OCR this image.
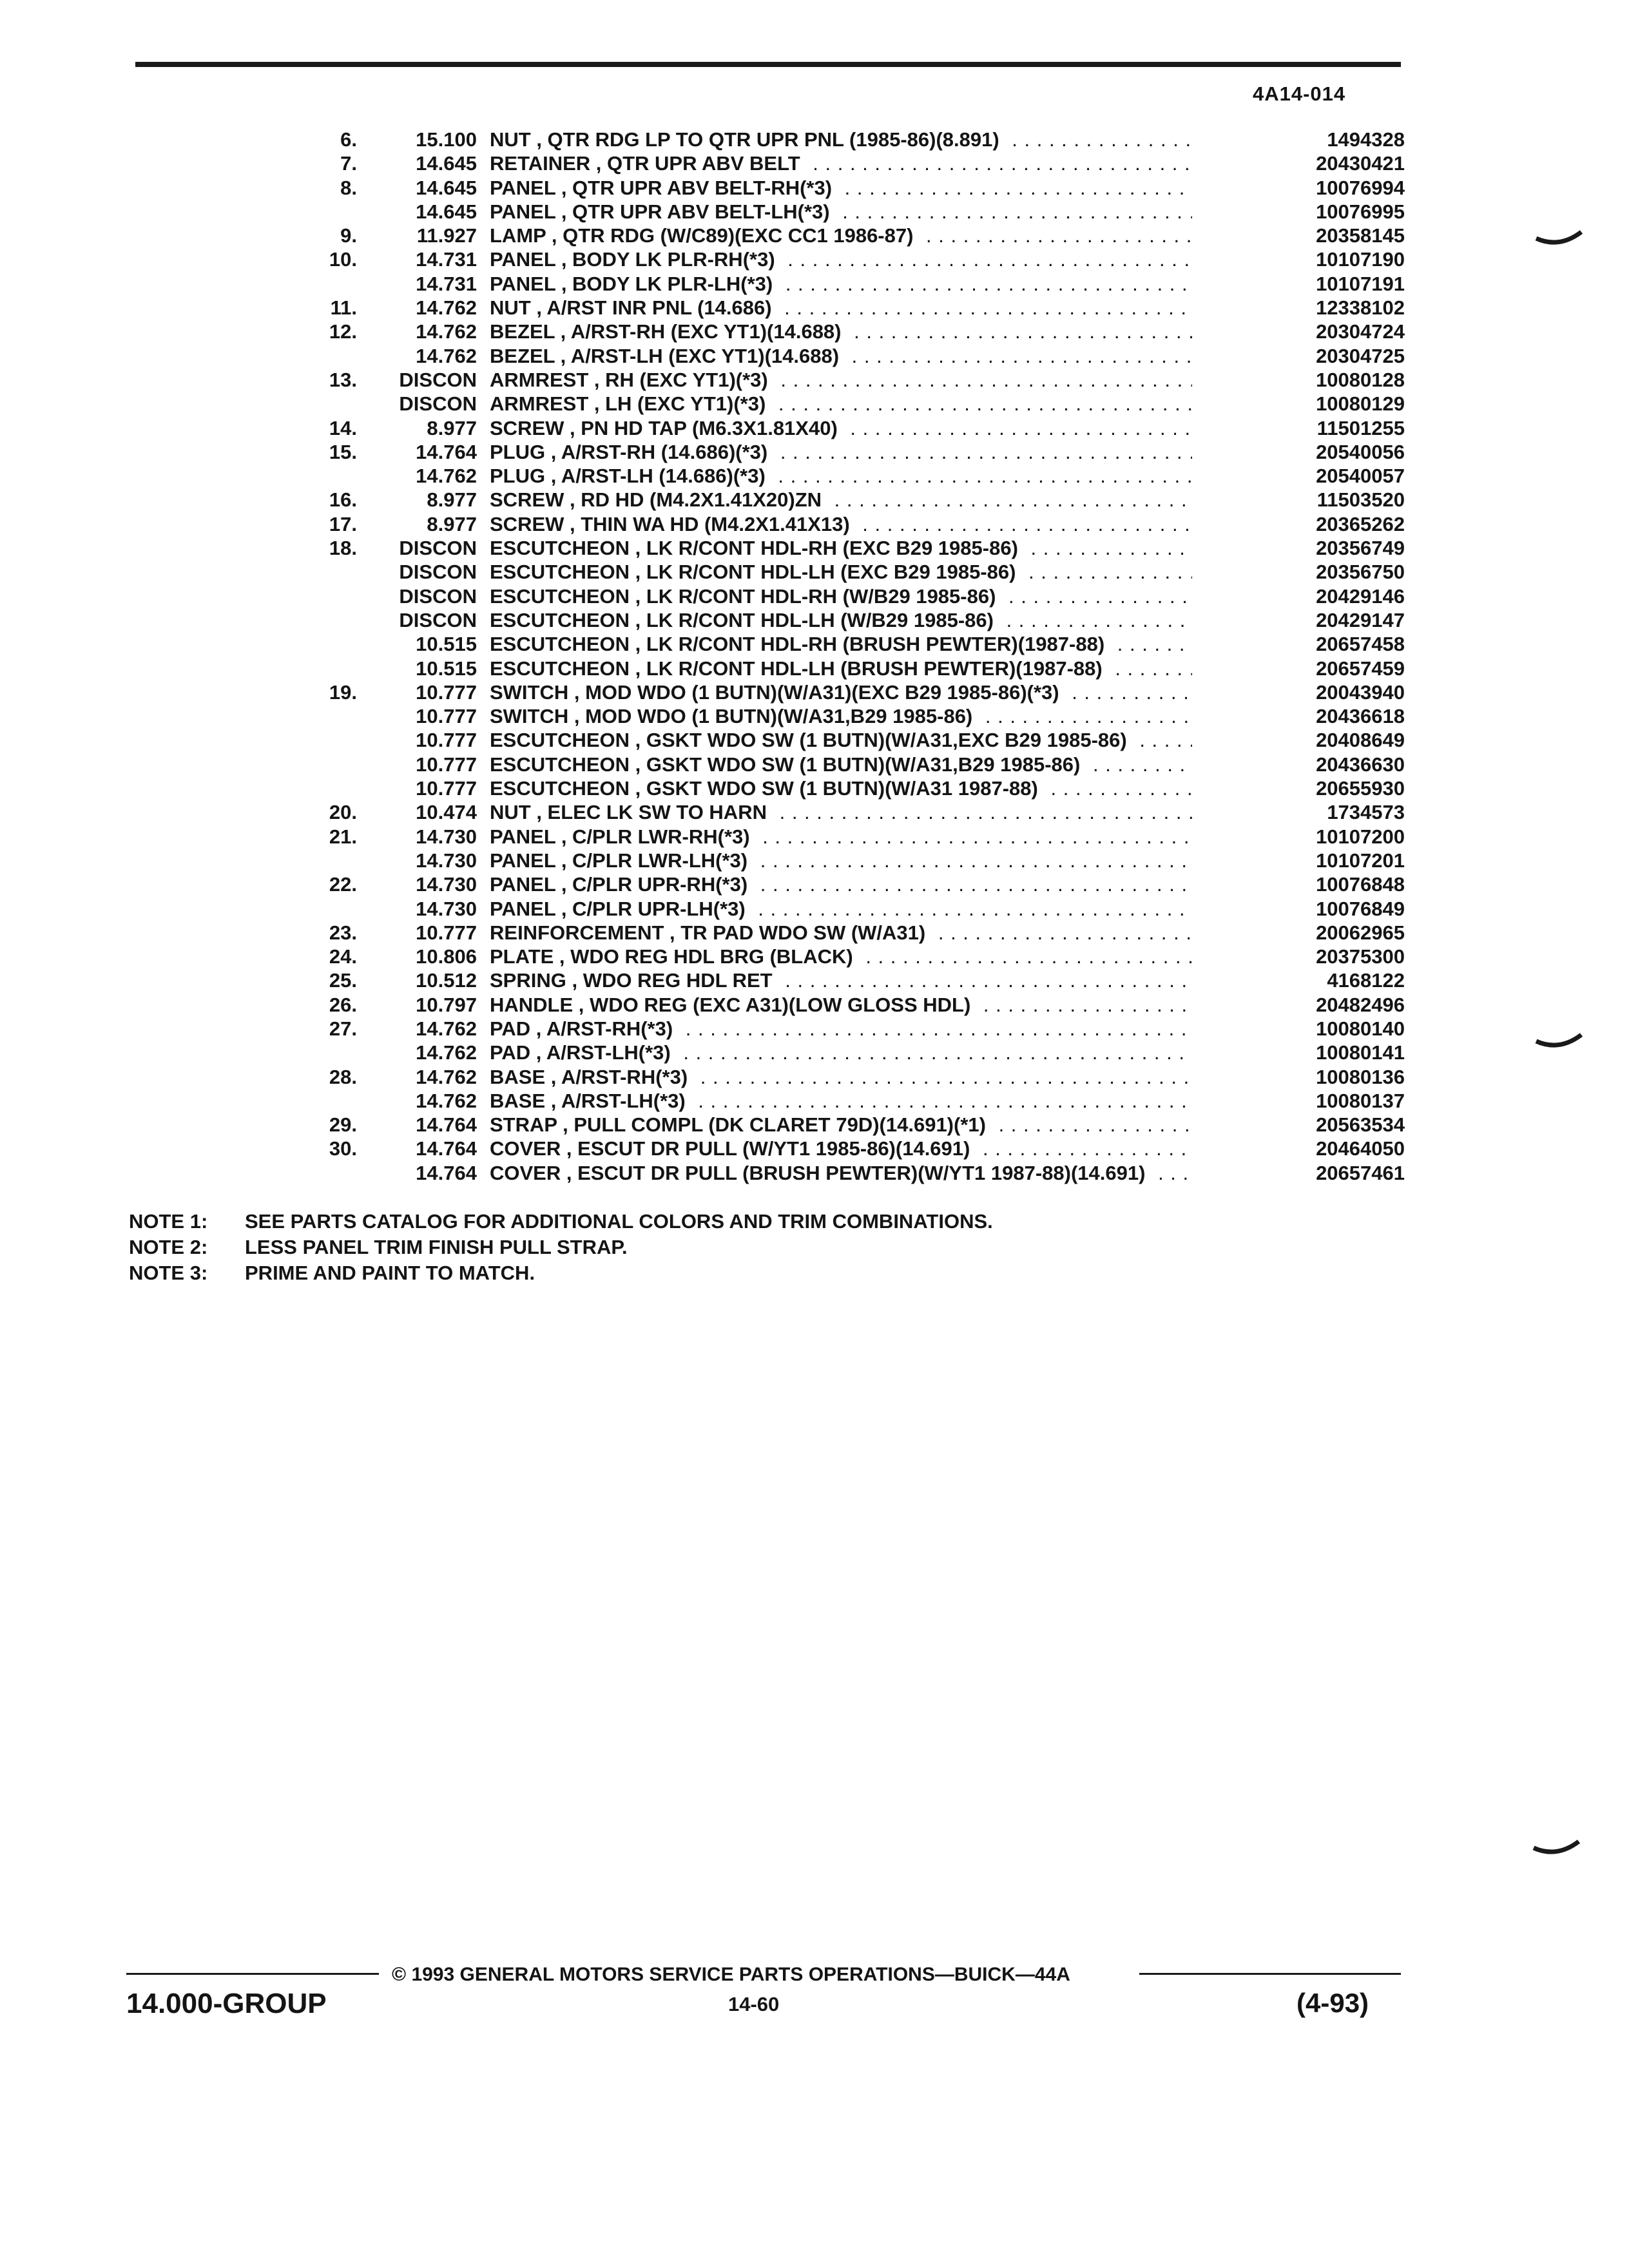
4A14-014
6.	15.100 NUT , QTR RDG LP TO QTR UPR PNL (1985-86)(8.891) . . .	1494328
7.	14.645 RETAINER , QTR UPR ABV BELT . . .	20430421
8.	14.645 PANEL , QTR UPR ABV BELT-RH(*3) . . .	10076994
14.645 PANEL , QTR UPR ABV BELT-LH(*3) . . .	10076995
9.	11.927 LAMP , QTR RDG (W/C89)(EXC CC1 1986-87) . . .	20358145
10.	14.731 PANEL , BODY LK PLR-RH(*3) . . .	10107190
14.731 PANEL , BODY LK PLR-LH(*3) . . .	10107191
11.	14.762 NUT , A/RST INR PNL (14.686) . . .	12338102
12.	14.762 BEZEL , A/RST-RH (EXC YT1)(14.688) . . .	20304724
14.762 BEZEL , A/RST-LH (EXC YT1)(14.688) . . .	20304725
13. DISCON ARMREST , RH (EXC YT1)(*3) . . .	10080128
DISCON ARMREST , LH (EXC YT1)(*3) . . .	10080129
14.	8.977 SCREW , PN HD TAP (M6.3X1.81X40) . . .	11501255
15.	14.764 PLUG , A/RST-RH (14.686)(*3) . . .	20540056
14.762 PLUG , A/RST-LH (14.686)(*3) . . .	20540057
16.	8.977 SCREW , RD HD (M4.2X1.41X20)ZN . . .	11503520
17.	8.977 SCREW , THIN WA HD (M4.2X1.41X13) . . .	20365262
18. DISCON ESCUTCHEON , LK R/CONT HDL-RH (EXC B29 1985-86) . . .	20356749
DISCON ESCUTCHEON , LK R/CONT HDL-LH (EXC B29 1985-86) . . .	20356750
DISCON ESCUTCHEON , LK R/CONT HDL-RH (W/B29 1985-86) . . .	20429146
DISCON ESCUTCHEON , LK R/CONT HDL-LH (W/B29 1985-86) . . .	20429147
10.515 ESCUTCHEON , LK R/CONT HDL-RH (BRUSH PEWTER)(1987-88) . . .	20657458
10.515 ESCUTCHEON , LK R/CONT HDL-LH (BRUSH PEWTER)(1987-88) . . .	20657459
19.	10.777 SWITCH , MOD WDO (1 BUTN)(W/A31)(EXC B29 1985-86)(*3) . . .	20043940
10.777 SWITCH , MOD WDO (1 BUTN)(W/A31,B29 1985-86) . . .	20436618
10.777 ESCUTCHEON , GSKT WDO SW (1 BUTN)(W/A31,EXC B29 1985-86) . . .	20408649
10.777 ESCUTCHEON , GSKT WDO SW (1 BUTN)(W/A31,B29 1985-86) . . .	20436630
10.777 ESCUTCHEON , GSKT WDO SW (1 BUTN)(W/A31 1987-88) . . .	20655930
20.	10.474 NUT , ELEC LK SW TO HARN . . .	1734573
21.	14.730 PANEL , C/PLR LWR-RH(*3) . . .	10107200
14.730 PANEL , C/PLR LWR-LH(*3) . . .	10107201
22.	14.730 PANEL , C/PLR UPR-RH(*3) . . .	10076848
14.730 PANEL , C/PLR UPR-LH(*3) . . .	10076849
23.	10.777 REINFORCEMENT , TR PAD WDO SW (W/A31) . . .	20062965
24.	10.806 PLATE , WDO REG HDL BRG (BLACK) . . .	20375300
25.	10.512 SPRING , WDO REG HDL RET . . .	4168122
26.	10.797 HANDLE , WDO REG (EXC A31)(LOW GLOSS HDL) . . .	20482496
27.	14.762 PAD , A/RST-RH(*3) . . .	10080140
14.762 PAD , A/RST-LH(*3) . . .	10080141
28.	14.762 BASE , A/RST-RH(*3) . . .	10080136
14.762 BASE , A/RST-LH(*3) . . .	10080137
29.	14.764 STRAP , PULL COMPL (DK CLARET 79D)(14.691)(*1) . . .	20563534
30.	14.764 COVER , ESCUT DR PULL (W/YT1 1985-86)(14.691) . . .	20464050
14.764 COVER , ESCUT DR PULL (BRUSH PEWTER)(W/YT1 1987-88)(14.691) . . .	20657461
NOTE 1: SEE PARTS CATALOG FOR ADDITIONAL COLORS AND TRIM COMBINATIONS.
NOTE 2: LESS PANEL TRIM FINISH PULL STRAP.
NOTE 3: PRIME AND PAINT TO MATCH.
© 1993 GENERAL MOTORS SERVICE PARTS OPERATIONS—BUICK—44A
14.000-GROUP	14-60	(4-93)
